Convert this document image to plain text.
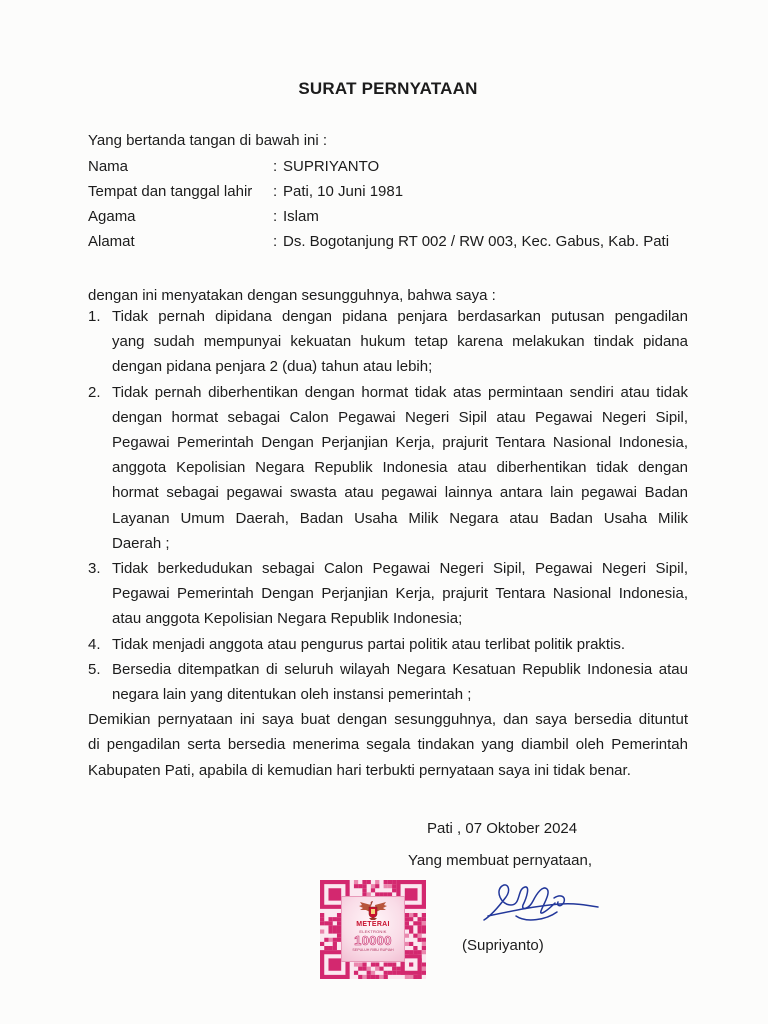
SURAT PERNYATAAN
Yang bertanda tangan di bawah ini :
Nama	: SUPRIYANTO
Tempat dan tanggal lahir : Pati, 10 Juni 1981
Agama	: Islam
Alamat	: Ds. Bogotanjung RT 002 / RW 003, Kec. Gabus, Kab. Pati
dengan ini menyatakan dengan sesungguhnya, bahwa saya :
1. Tidak pernah dipidana dengan pidana penjara berdasarkan putusan pengadilan
yang sudah mempunyai kekuatan hukum tetap karena melakukan tindak pidana
dengan pidana penjara 2 (dua) tahun atau lebih;
2. Tidak pernah diberhentikan dengan hormat tidak atas permintaan sendiri atau tidak
dengan hormat sebagai Calon Pegawai Negeri Sipil atau Pegawai Negeri Sipil,
Pegawai Pemerintah Dengan Perjanjian Kerja, prajurit Tentara Nasional Indonesia,
anggota Kepolisian Negara Republik Indonesia atau diberhentikan tidak dengan
hormat sebagai pegawai swasta atau pegawai lainnya antara lain pegawai Badan
Layanan Umum Daerah, Badan Usaha Milik Negara atau Badan Usaha Milik
Daerah ;
3. Tidak berkedudukan sebagai Calon Pegawai Negeri Sipil, Pegawai Negeri Sipil,
Pegawai Pemerintah Dengan Perjanjian Kerja, prajurit Tentara Nasional Indonesia,
atau anggota Kepolisian Negara Republik Indonesia;
4. Tidak menjadi anggota atau pengurus partai politik atau terlibat politik praktis.
5. Bersedia ditempatkan di seluruh wilayah Negara Kesatuan Republik Indonesia atau
negara lain yang ditentukan oleh instansi pemerintah ;
Demikian pernyataan ini saya buat dengan sesungguhnya, dan saya bersedia dituntut
di pengadilan serta bersedia menerima segala tindakan yang diambil oleh Pemerintah
Kabupaten Pati, apabila di kemudian hari terbukti pernyataan saya ini tidak benar.
Pati , 07 Oktober 2024
Yang membuat pernyataan,
METERAI
ELEKTRONIK
10000
SEPULUH RIBU RUPIAH	(Supriyanto)
